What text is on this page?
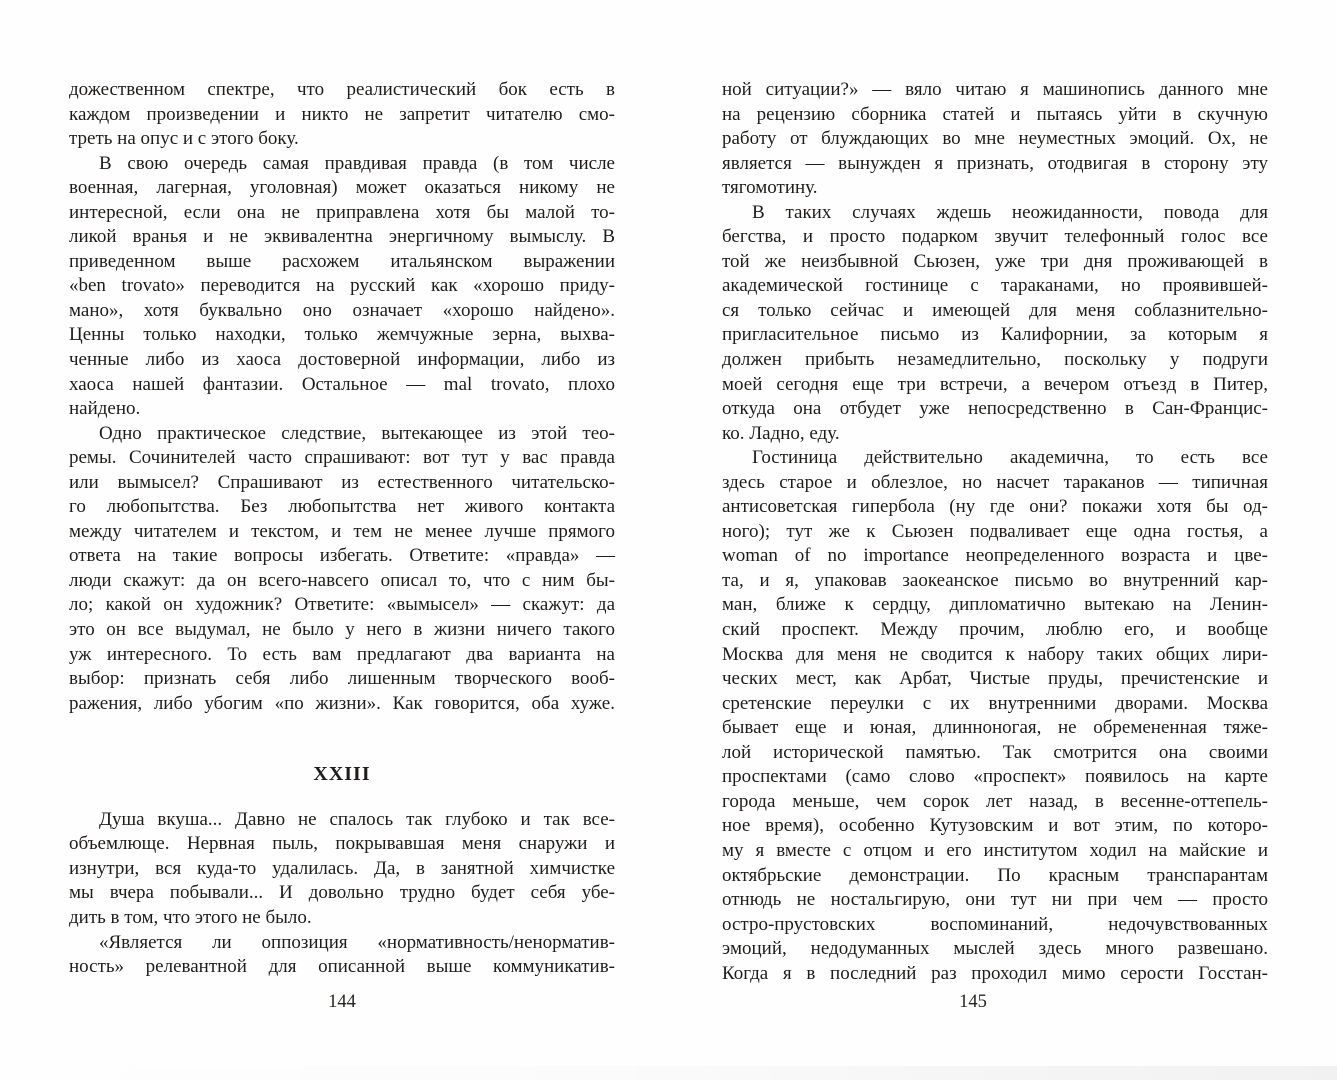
дожественном спектре, что реалистический бок есть в
каждом произведении и никто не запретит читателю смо-
треть на опус и с этого боку.
В свою очередь самая правдивая правда (в том числе
военная, лагерная, уголовная) может оказаться никому не
интересной, если она не приправлена хотя бы малой то-
ликой вранья и не эквивалентна энергичному вымыслу. В
приведенном выше расхожем итальянском выражении
«ben trovato» переводится на русский как «хорошо приду-
мано», хотя буквально оно означает «хорошо найдено».
Ценны только находки, только жемчужные зерна, выхва-
ченные либо из хаоса достоверной информации, либо из
хаоса нашей фантазии. Остальное — mal trovato, плохо
найдено.
Одно практическое следствие, вытекающее из этой тео-
ремы. Сочинителей часто спрашивают: вот тут у вас правда
или вымысел? Спрашивают из естественного читательско-
го любопытства. Без любопытства нет живого контакта
между читателем и текстом, и тем не менее лучше прямого
ответа на такие вопросы избегать. Ответите: «правда» —
люди скажут: да он всего-навсего описал то, что с ним бы-
ло; какой он художник? Ответите: «вымысел» — скажут: да
это он все выдумал, не было у него в жизни ничего такого
уж интересного. То есть вам предлагают два варианта на
выбор: признать себя либо лишенным творческого вооб-
ражения, либо убогим «по жизни». Как говорится, оба хуже.
XXIII
Душа вкуша... Давно не спалось так глубоко и так все-
объемлюще. Нервная пыль, покрывавшая меня снаружи и
изнутри, вся куда-то удалилась. Да, в занятной химчистке
мы вчера побывали... И довольно трудно будет себя убе-
дить в том, что этого не было.
«Является ли оппозиция «нормативность/ненорматив-
ность» релевантной для описанной выше коммуникатив-
ной ситуации?» — вяло читаю я машинопись данного мне
на рецензию сборника статей и пытаясь уйти в скучную
работу от блуждающих во мне неуместных эмоций. Ох, не
является — вынужден я признать, отодвигая в сторону эту
тягомотину.
В таких случаях ждешь неожиданности, повода для
бегства, и просто подарком звучит телефонный голос все
той же неизбывной Сьюзен, уже три дня проживающей в
академической гостинице с тараканами, но проявившей-
ся только сейчас и имеющей для меня соблазнительно-
пригласительное письмо из Калифорнии, за которым я
должен прибыть незамедлительно, поскольку у подруги
моей сегодня еще три встречи, а вечером отъезд в Питер,
откуда она отбудет уже непосредственно в Сан-Францис-
ко. Ладно, еду.
Гостиница действительно академична, то есть все
здесь старое и облезлое, но насчет тараканов — типичная
антисоветская гипербола (ну где они? покажи хотя бы од-
ного); тут же к Сьюзен подваливает еще одна гостья, а
woman of no importance неопределенного возраста и цве-
та, и я, упаковав заокеанское письмо во внутренний кар-
ман, ближе к сердцу, дипломатично вытекаю на Ленин-
ский проспект. Между прочим, люблю его, и вообще
Москва для меня не сводится к набору таких общих лири-
ческих мест, как Арбат, Чистые пруды, пречистенские и
сретенские переулки с их внутренними дворами. Москва
бывает еще и юная, длинноногая, не обремененная тяже-
лой исторической памятью. Так смотрится она своими
проспектами (само слово «проспект» появилось на карте
города меньше, чем сорок лет назад, в весенне-оттепель-
ное время), особенно Кутузовским и вот этим, по которо-
му я вместе с отцом и его институтом ходил на майские и
октябрьские демонстрации. По красным транспарантам
отнюдь не ностальгирую, они тут ни при чем — просто
остро-прустовских воспоминаний, недочувствованных
эмоций, недодуманных мыслей здесь много развешано.
Когда я в последний раз проходил мимо серости Госстан-
144	145
